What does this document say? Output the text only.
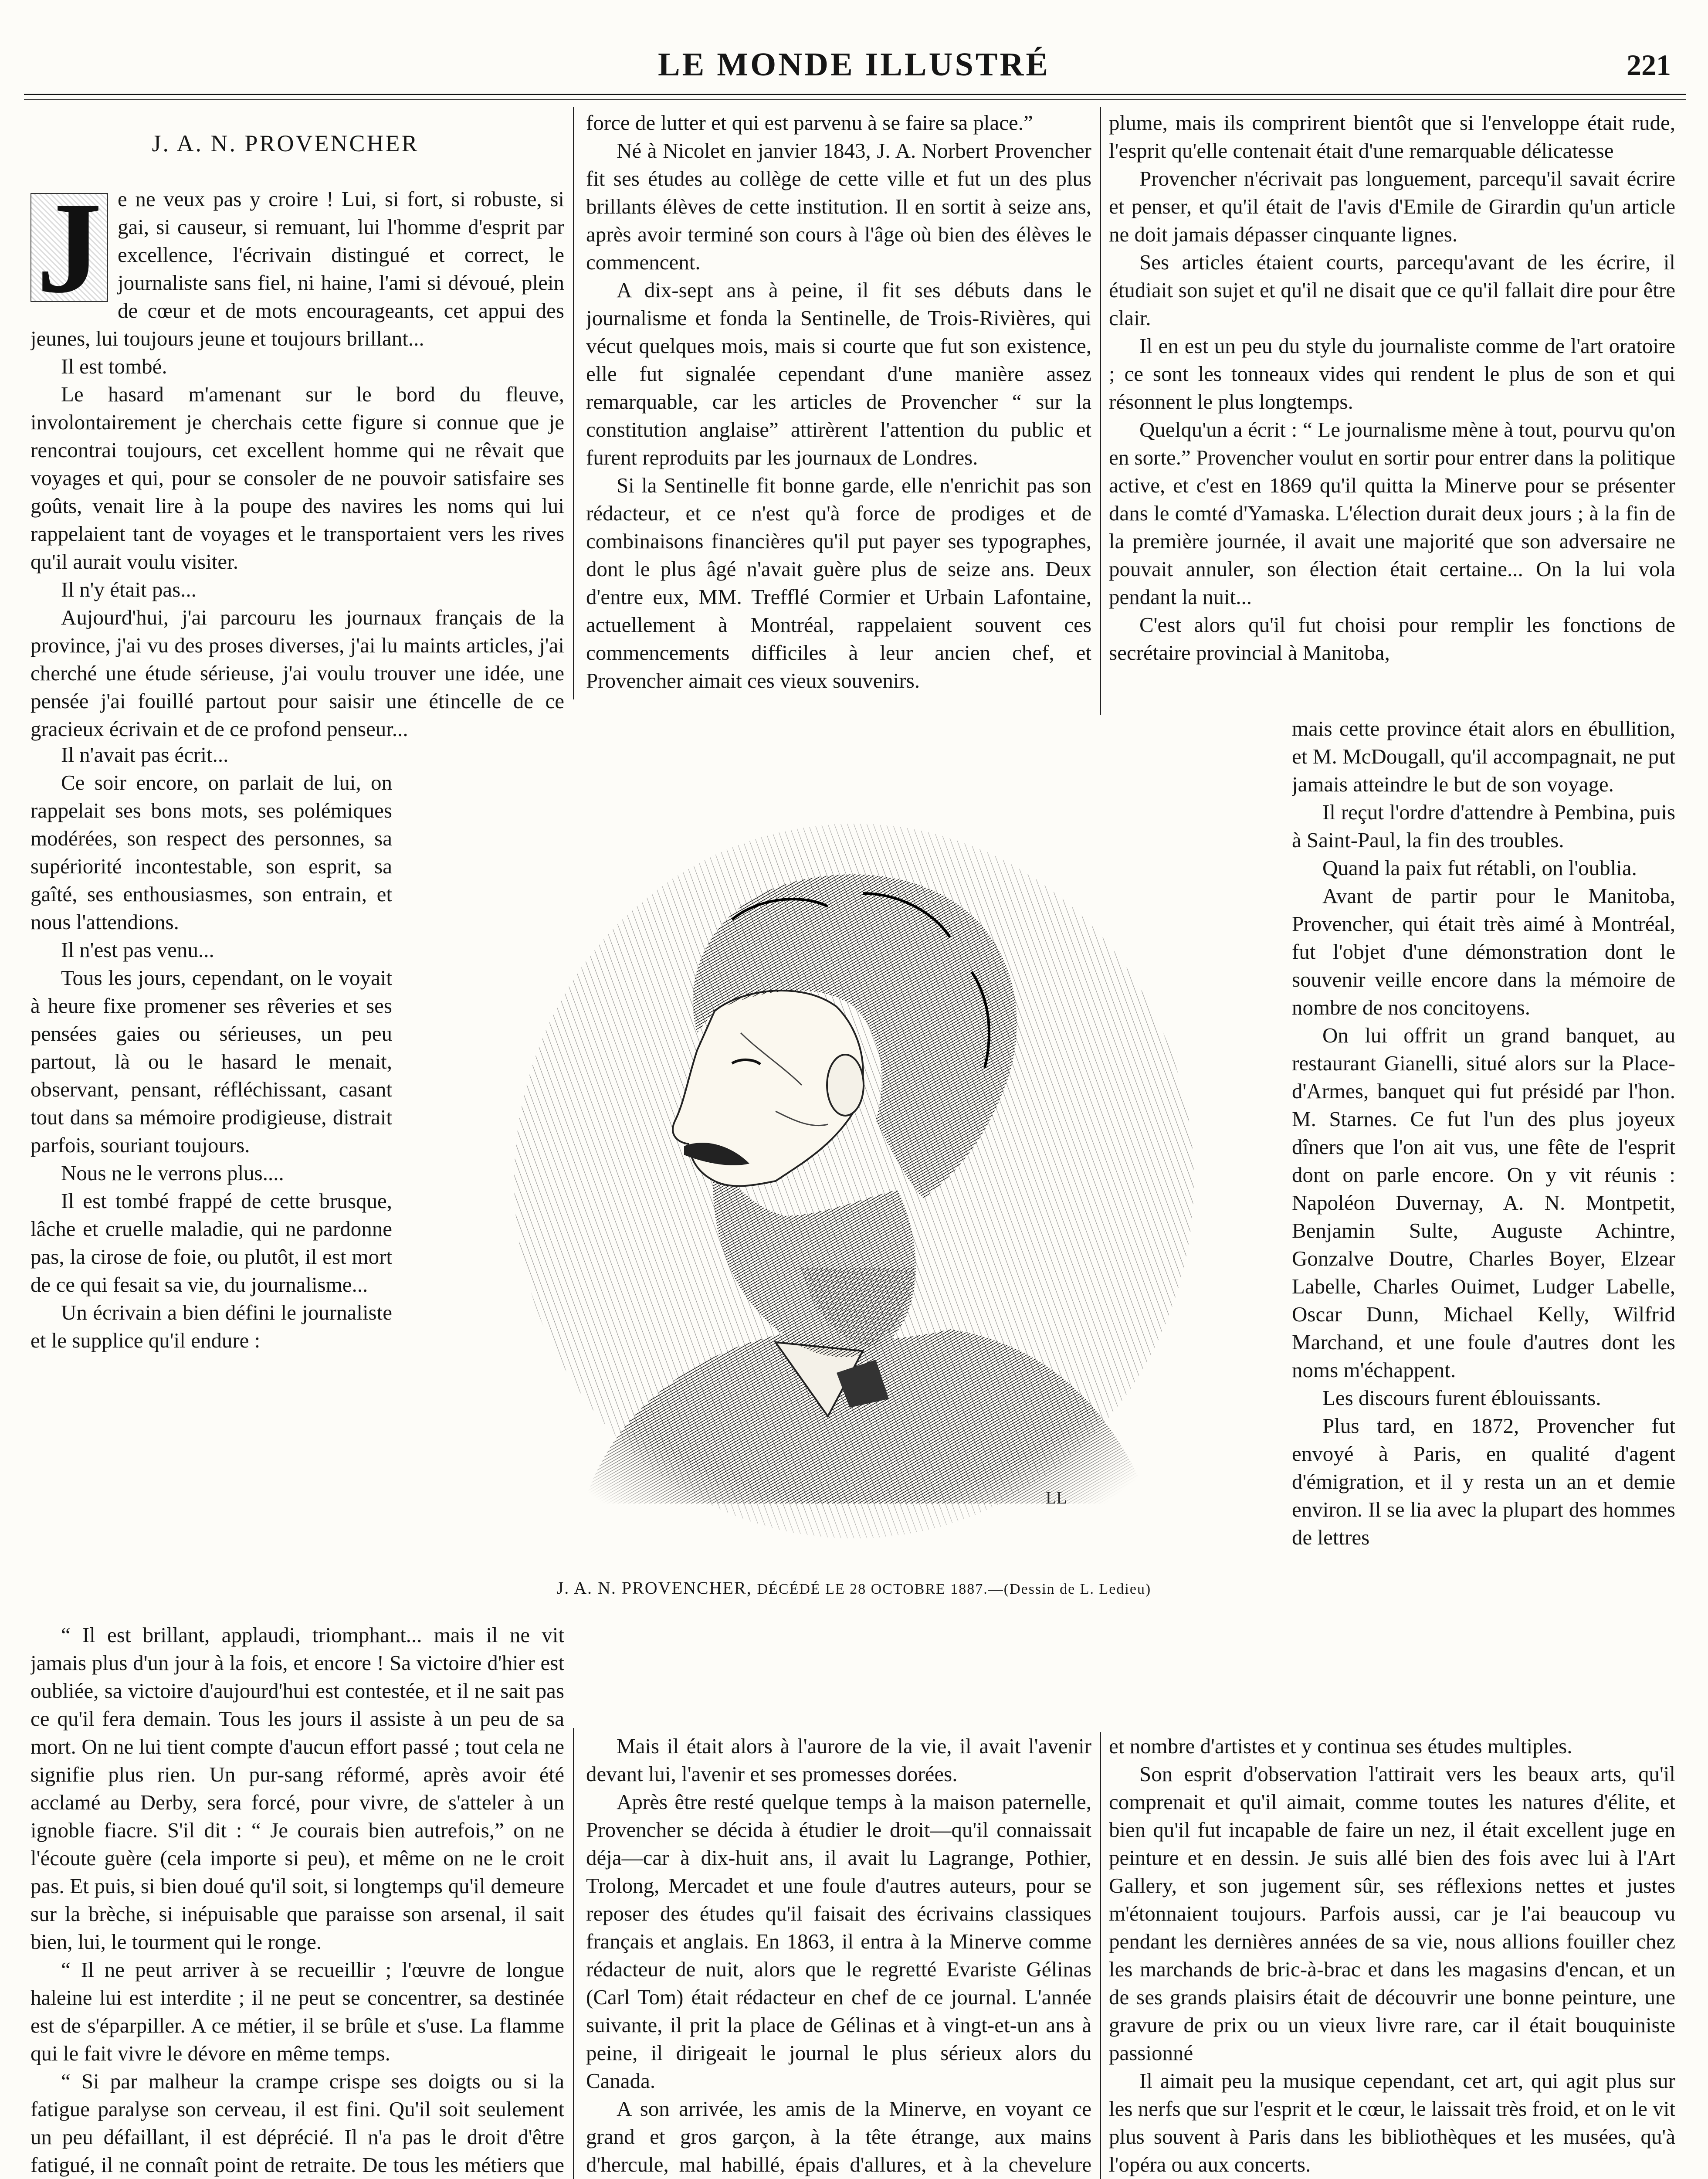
LE MONDE ILLUSTRÉ	221
J. A. N. PROVENCHER

J e ne veux pas y croire ! Lui, si fort, si robuste, si gai, si causeur, si remuant, lui l'homme d'esprit par excellence, l'écrivain distingué et correct, le journaliste sans fiel, ni haine, l'ami si dévoué, plein de cœur et de mots encourageants, cet appui des jeunes, lui toujours jeune et toujours brillant...

Il est tombé.

Le hasard m'amenant sur le bord du fleuve, involontairement je cherchais cette figure si connue que je rencontrai toujours, cet excellent homme qui ne rêvait que voyages et qui, pour se consoler de ne pouvoir satisfaire ses goûts, venait lire à la poupe des navires les noms qui lui rappelaient tant de voyages et le transportaient vers les rives qu'il aurait voulu visiter.

Il n'y était pas...

Aujourd'hui, j'ai parcouru les journaux français de la province, j'ai vu des proses diverses, j'ai lu maints articles, j'ai cherché une étude sérieuse, j'ai voulu trouver une idée, une pensée j'ai fouillé partout pour saisir une étincelle de ce gracieux écrivain et de ce profond penseur...

Il n'avait pas écrit...

Ce soir encore, on parlait de lui, on rappelait ses bons mots, ses polémiques modérées, son respect des personnes, sa supériorité incontestable, son esprit, sa gaîté, ses enthousiasmes, son entrain, et nous l'attendions.

Il n'est pas venu...

Tous les jours, cependant, on le voyait à heure fixe promener ses rêveries et ses pensées gaies ou sérieuses, un peu partout, là ou le hasard le menait, observant, pensant, réfléchissant, casant tout dans sa mémoire prodigieuse, distrait parfois, souriant toujours.

Nous ne le verrons plus....

Il est tombé frappé de cette brusque, lâche et cruelle maladie, qui ne pardonne pas, la cirose de foie, ou plutôt, il est mort de ce qui fesait sa vie, du journalisme...

Un écrivain a bien défini le journaliste et le supplice qu'il endure :

“ Il est brillant, applaudi, triomphant... mais il ne vit jamais plus d'un jour à la fois, et encore ! Sa victoire d'hier est oubliée, sa victoire d'aujourd'hui est contestée, et il ne sait pas ce qu'il fera demain. Tous les jours il assiste à un peu de sa mort. On ne lui tient compte d'aucun effort passé ; tout cela ne signifie plus rien. Un pur-sang réformé, après avoir été acclamé au Derby, sera forcé, pour vivre, de s'atteler à un ignoble fiacre. S'il dit : “ Je courais bien autrefois,” on ne l'écoute guère (cela importe si peu), et même on ne le croit pas. Et puis, si bien doué qu'il soit, si longtemps qu'il demeure sur la brèche, si inépuisable que paraisse son arsenal, il sait bien, lui, le tourment qui le ronge.

“ Il ne peut arriver à se recueillir ; l'œuvre de longue haleine lui est interdite ; il ne peut se concentrer, sa destinée est de s'éparpiller. A ce métier, il se brûle et s'use. La flamme qui le fait vivre le dévore en même temps.

“ Si par malheur la crampe crispe ses doigts ou si la fatigue paralyse son cerveau, il est fini. Qu'il soit seulement un peu défaillant, il est déprécié. Il n'a pas le droit d'être fatigué, il ne connaît point de retraite. De tous les métiers que

force de lutter et qui est parvenu à se faire sa place.”

Né à Nicolet en janvier 1843, J. A. Norbert Provencher fit ses études au collège de cette ville et fut un des plus brillants élèves de cette institution. Il en sortit à seize ans, après avoir terminé son cours à l'âge où bien des élèves le commencent.

A dix-sept ans à peine, il fit ses débuts dans le journalisme et fonda la Sentinelle, de Trois-Rivières, qui vécut quelques mois, mais si courte que fut son existence, elle fut signalée cependant d'une manière assez remarquable, car les articles de Provencher “ sur la constitution anglaise” attirèrent l'attention du public et furent reproduits par les journaux de Londres.

Si la Sentinelle fit bonne garde, elle n'enrichit pas son rédacteur, et ce n'est qu'à force de prodiges et de combinaisons financières qu'il put payer ses typographes, dont le plus âgé n'avait guère plus de seize ans. Deux d'entre eux, MM. Trefflé Cormier et Urbain Lafontaine, actuellement à Montréal, rappelaient souvent ces commencements difficiles à leur ancien chef, et Provencher aimait ces vieux souvenirs.

plume, mais ils comprirent bientôt que si l'enveloppe était rude, l'esprit qu'elle contenait était d'une remarquable délicatesse

Provencher n'écrivait pas longuement, parcequ'il savait écrire et penser, et qu'il était de l'avis d'Emile de Girardin qu'un article ne doit jamais dépasser cinquante lignes.

Ses articles étaient courts, parcequ'avant de les écrire, il étudiait son sujet et qu'il ne disait que ce qu'il fallait dire pour être clair.

Il en est un peu du style du journaliste comme de l'art oratoire ; ce sont les tonneaux vides qui rendent le plus de son et qui résonnent le plus longtemps.

Quelqu'un a écrit : “ Le journalisme mène à tout, pourvu qu'on en sorte.” Provencher voulut en sortir pour entrer dans la politique active, et c'est en 1869 qu'il quitta la Minerve pour se présenter dans le comté d'Yamaska. L'élection durait deux jours ; à la fin de la première journée, il avait une majorité que son adversaire ne pouvait annuler, son élection était certaine... On la lui vola pendant la nuit...

C'est alors qu'il fut choisi pour remplir les fonctions de secrétaire provincial à Manitoba,

mais cette province était alors en ébullition, et M. McDougall, qu'il accompagnait, ne put jamais atteindre le but de son voyage.

Il reçut l'ordre d'attendre à Pembina, puis à Saint-Paul, la fin des troubles.

Quand la paix fut rétabli, on l'oublia.

Avant de partir pour le Manitoba, Provencher, qui était très aimé à Montréal, fut l'objet d'une démonstration dont le souvenir veille encore dans la mémoire de nombre de nos concitoyens.

On lui offrit un grand banquet, au restaurant Gianelli, situé alors sur la Place-d'Armes, banquet qui fut présidé par l'hon. M. Starnes. Ce fut l'un des plus joyeux dîners que l'on ait vus, une fête de l'esprit dont on parle encore. On y vit réunis : Napoléon Duvernay, A. N. Montpetit, Benjamin Sulte, Auguste Achintre, Gonzalve Doutre, Charles Boyer, Elzear Labelle, Charles Ouimet, Ludger Labelle, Oscar Dunn, Michael Kelly, Wilfrid Marchand, et une foule d'autres dont les noms m'échappent.

Les discours furent éblouissants.

Plus tard, en 1872, Provencher fut envoyé à Paris, en qualité d'agent d'émigration, et il y resta un an et demie environ. Il se lia avec la plupart des hommes de lettres

LL
J. A. N. PROVENCHER, DÉCÉDÉ LE 28 OCTOBRE 1887.—(Dessin de L. Ledieu)

Mais il était alors à l'aurore de la vie, il avait l'avenir devant lui, l'avenir et ses promesses dorées.

Après être resté quelque temps à la maison paternelle, Provencher se décida à étudier le droit—qu'il connaissait déja—car à dix-huit ans, il avait lu Lagrange, Pothier, Trolong, Mercadet et une foule d'autres auteurs, pour se reposer des études qu'il faisait des écrivains classiques français et anglais. En 1863, il entra à la Minerve comme rédacteur de nuit, alors que le regretté Evariste Gélinas (Carl Tom) était rédacteur en chef de ce journal. L'année suivante, il prit la place de Gélinas et à vingt-et-un ans à peine, il dirigeait le journal le plus sérieux alors du Canada.

A son arrivée, les amis de la Minerve, en voyant ce grand et gros garçon, à la tête étrange, aux mains d'hercule, mal habillé, épais d'allures, et à la chevelure

et nombre d'artistes et y continua ses études multiples.

Son esprit d'observation l'attirait vers les beaux arts, qu'il comprenait et qu'il aimait, comme toutes les natures d'élite, et bien qu'il fut incapable de faire un nez, il était excellent juge en peinture et en dessin. Je suis allé bien des fois avec lui à l'Art Gallery, et son jugement sûr, ses réflexions nettes et justes m'étonnaient toujours. Parfois aussi, car je l'ai beaucoup vu pendant les dernières années de sa vie, nous allions fouiller chez les marchands de bric-à-brac et dans les magasins d'encan, et un de ses grands plaisirs était de découvrir une bonne peinture, une gravure de prix ou un vieux livre rare, car il était bouquiniste passionné

Il aimait peu la musique cependant, cet art, qui agit plus sur les nerfs que sur l'esprit et le cœur, le laissait très froid, et on le vit plus souvent à Paris dans les bibliothèques et les musées, qu'à l'opéra ou aux concerts.
